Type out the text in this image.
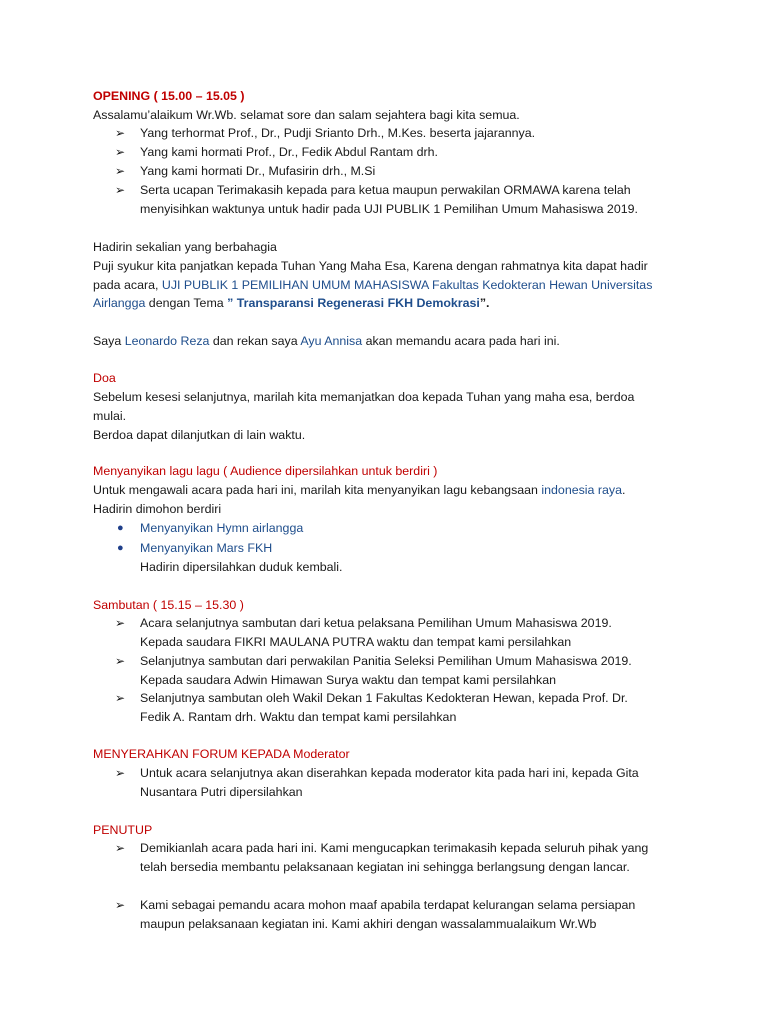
OPENING ( 15.00 – 15.05 )
Assalamu’alaikum Wr.Wb. selamat sore dan salam sejahtera bagi kita semua.
➢ Yang terhormat Prof., Dr., Pudji Srianto Drh., M.Kes. beserta jajarannya.
➢ Yang kami hormati Prof., Dr., Fedik Abdul Rantam drh.
➢ Yang kami hormati Dr., Mufasirin drh., M.Si
➢ Serta ucapan Terimakasih kepada para ketua maupun perwakilan ORMAWA karena telah
menyisihkan waktunya untuk hadir pada UJI PUBLIK 1 Pemilihan Umum Mahasiswa 2019.
Hadirin sekalian yang berbahagia
Puji syukur kita panjatkan kepada Tuhan Yang Maha Esa, Karena dengan rahmatnya kita dapat hadir
pada acara, UJI PUBLIK 1 PEMILIHAN UMUM MAHASISWA Fakultas Kedokteran Hewan Universitas
Airlangga dengan Tema ” Transparansi Regenerasi FKH Demokrasi”.
Saya Leonardo Reza dan rekan saya Ayu Annisa akan memandu acara pada hari ini.
Doa
Sebelum kesesi selanjutnya, marilah kita memanjatkan doa kepada Tuhan yang maha esa, berdoa
mulai.
Berdoa dapat dilanjutkan di lain waktu.
Menyanyikan lagu lagu ( Audience dipersilahkan untuk berdiri )
Untuk mengawali acara pada hari ini, marilah kita menyanyikan lagu kebangsaan indonesia raya.
Hadirin dimohon berdiri
● Menyanyikan Hymn airlangga
● Menyanyikan Mars FKH
Hadirin dipersilahkan duduk kembali.
Sambutan ( 15.15 – 15.30 )
➢ Acara selanjutnya sambutan dari ketua pelaksana Pemilihan Umum Mahasiswa 2019.
Kepada saudara FIKRI MAULANA PUTRA waktu dan tempat kami persilahkan
➢ Selanjutnya sambutan dari perwakilan Panitia Seleksi Pemilihan Umum Mahasiswa 2019.
Kepada saudara Adwin Himawan Surya waktu dan tempat kami persilahkan
➢ Selanjutnya sambutan oleh Wakil Dekan 1 Fakultas Kedokteran Hewan, kepada Prof. Dr.
Fedik A. Rantam drh. Waktu dan tempat kami persilahkan
MENYERAHKAN FORUM KEPADA Moderator
➢ Untuk acara selanjutnya akan diserahkan kepada moderator kita pada hari ini, kepada Gita
Nusantara Putri dipersilahkan
PENUTUP
➢ Demikianlah acara pada hari ini. Kami mengucapkan terimakasih kepada seluruh pihak yang
telah bersedia membantu pelaksanaan kegiatan ini sehingga berlangsung dengan lancar.
➢ Kami sebagai pemandu acara mohon maaf apabila terdapat kelurangan selama persiapan
maupun pelaksanaan kegiatan ini. Kami akhiri dengan wassalammualaikum Wr.Wb
